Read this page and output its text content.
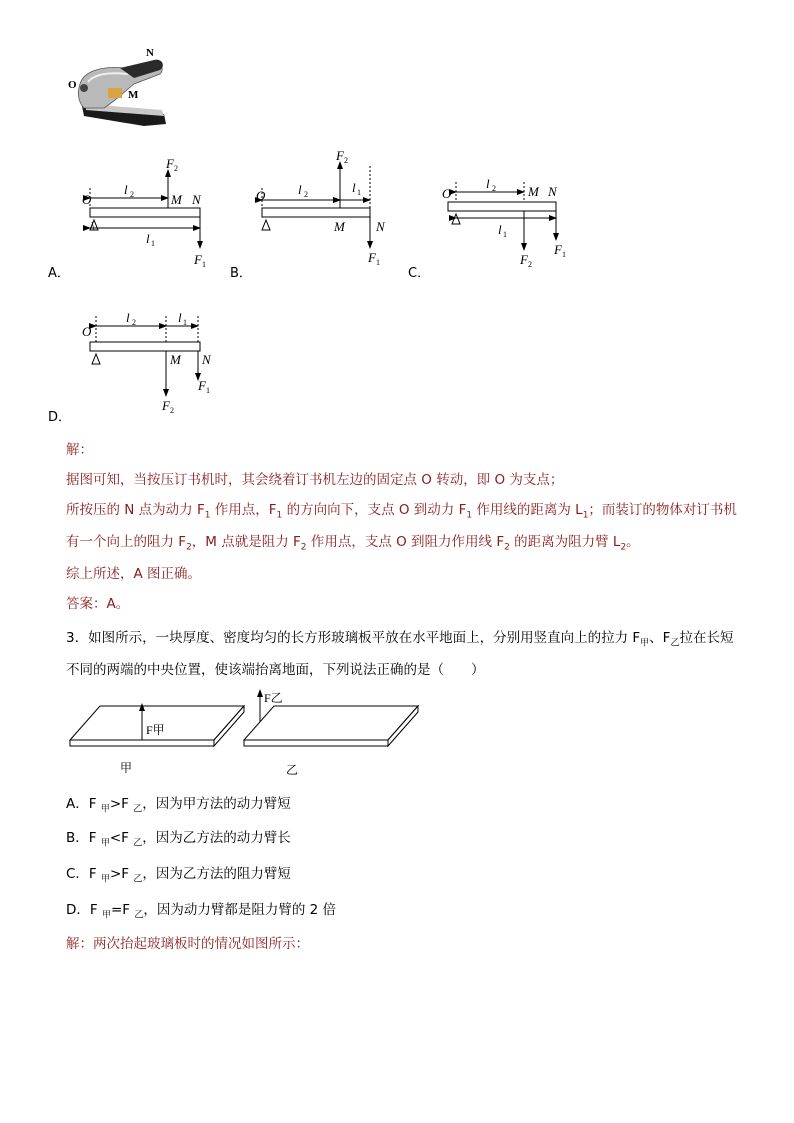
N
O
M
O
l 2	M N
F 2
l 1
F 1
A．
O	l 2	l 1
M N
F 2
F 1
B．
O
l 2 M N
l 1
F 2
F 1
C．
O
l 2	l 1
M N
F 1
F 2
D．
解：
据图可知，当按压订书机时，其会绕着订书机左边的固定点 O 转动，即 O 为支点；
所按压的 N 点为动力 $F_1$ 作用点，$F_1$ 的方向向下，支点 O 到动力 $F_1$ 作用线的距离为 $L_1$；而装订的物体对订书机
有一个向上的阻力 $F_2$，M 点就是阻力 $F_2$ 作用点，支点 O 到阻力作用线 $F_2$ 的距离为阻力臂 $L_2$。
综上所述，A 图正确。
答案：A。
3．如图所示，一块厚度、密度均匀的长方形玻璃板平放在水平地面上，分别用竖直向上的拉力 $F_甲$、$F_乙$拉在长短
不同的两端的中央位置，使该端抬离地面，下列说法正确的是（　　）
F甲
F乙
甲	乙
A．F $_甲$>F $_乙$，因为甲方法的动力臂短
B．F $_甲$<F $_乙$，因为乙方法的动力臂长
C．F $_甲$>F $_乙$，因为乙方法的阻力臂短
D．F $_甲$=F $_乙$，因为动力臂都是阻力臂的 2 倍
解：两次抬起玻璃板时的情况如图所示：
